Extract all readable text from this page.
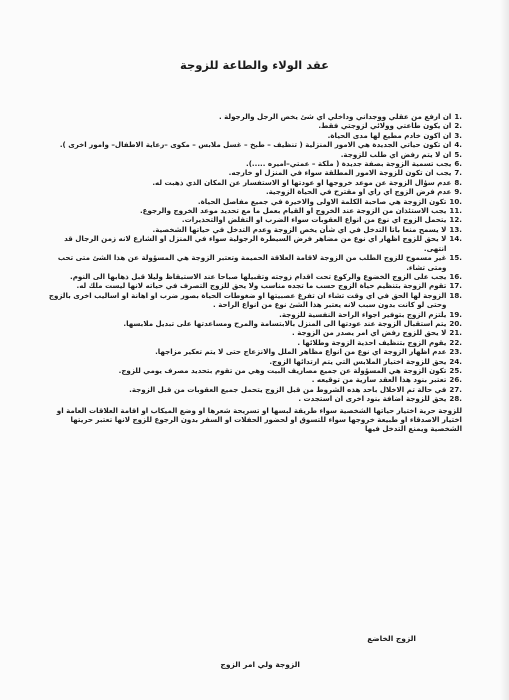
عقد الولاء والطاعة للزوجة
.1
ان ارفع من عقلي ووجداني وداخلي اي شئ يخص الرجل والرجولة .
.2
ان يكون طاعتي وولائي لزوجتي فقط.
.3
ان اكون خادم مطيع لها مدى الحياة.
.4
ان تكون حياتي الجديدة هي الامور المنزلية ( تنظيف – طبخ – غسل ملابس – مكوى –رعاية الاطفال– وامور اخرى ).
.5
ان لا يتم رفض اي طلب للزوجة.
.6
يجب تسمية الزوجة بصفة جديدة ( ملكة – عمتي–اميره .....).
.7
يجب ان تكون للزوجة الامور المطلقة سواء في المنزل او خارجه.
.8
عدم سؤال الزوجة عن موعد خروجها او عودتها او الاستفسار عن المكان الذي ذهبت له.
.9
عدم فرض الزوج اي راي او مقترح في الحياة الزوجية.
.10
تكون الزوجة هي صاحبة الكلمة الاولى والاخيرة في جميع مفاصل الحياة.
.11
يجب الاستئذان من الزوجة عند الخروج او القيام بعمل ما مع تحديد موعد الخروج والرجوع.
.12
يتحمل الزوج اي نوع من انواع العقوبات سواء الضرب او التفلض اوالتحذيرات.
.13
لا يسمح منعا باتا التدخل في اي شأن يخص الزوجة وعدم التدخل في حياتها الشخصية.
.14
لا يحق للزوج اظهار اي نوع من مضاهر فرض السيطرة الرجولية سواء في المنزل او الشارع لانه زمن الرجال قد انتهى.
.15
غير مسموح للزوج الطلب من الزوجة لاقامة العلاقة الحميمة وتعتبر الزوجة هي المسؤولة عن هذا الشئ متى تحب ومتى تشاء.
.16
يجب على الزوج الخضوع والركوع تحت اقدام زوجته وتقبيلها صباحا عند الاستيقاظ وليلا قبل ذهابها الى النوم.
.17
تقوم الزوجة بتنظيم حياة الزوج حسب ما تجده مناسب ولا يحق للزوج التصرف في حياته لانها ليست ملك له.
.18
الزوجة لها الحق في اي وقت تشاء ان تفرغ عصبيتها او ضغوطات الحياة بصور ضرب او اهانة او اساليب اخرى بالزوج وحتى لو كانت بدون سبب لانه يعتبر هذا الشئ نوع من انواع الراحة .
.19
يلتزم الزوج بتوفير اجواء الراحة النفسية للزوجة.
.20
يتم استقبال الزوجة عند عودتها الى المنزل بالابتسامة والمرح ومساعدتها على تبديل ملابسها.
.21
لا يحق للزوج رفض اي امر يصدر من الزوجة .
.22
يقوم الزوج بتنظيف احذية الزوجة وطلائها .
.23
عدم اظهار الزوجة اي نوع من انواع مظاهر الملل والانزعاج حتى لا يتم تعكير مزاجها.
.24
يحق للزوجة اختيار الملابس التي يتم ارتدائها الزوج.
.25
تكون الزوجة هي المسؤولة عن جميع مصاريف البيت وهي من تقوم بتحديد مصرف يومي للزوج.
.26
تعتبر بنود هذا العقد سارية من توقيعه .
.27
في حالة تم الاخلال باحد هذه الشروط من قبل الزوج يتحمل جميع العقوبات من قبل الزوجة.
.28
يحق للزوجة اضافة بنود اخرى ان استجدت .
للزوجة حرية اختيار حياتها الشخصية سواء طريقة لبسها او تسريحة شعرها او وضع الميكاب او اقامة العلاقات العامة او اختيار الاصدقاء او طبيعة خروجها سواء للتسوق او لحضور الحفلات او السفر بدون الرجوع للزوج لانها تعتبر حريتها الشخصية ويمنع التدخل فيها
الزوج الخاضع
الزوجة ولي امر الزوج
